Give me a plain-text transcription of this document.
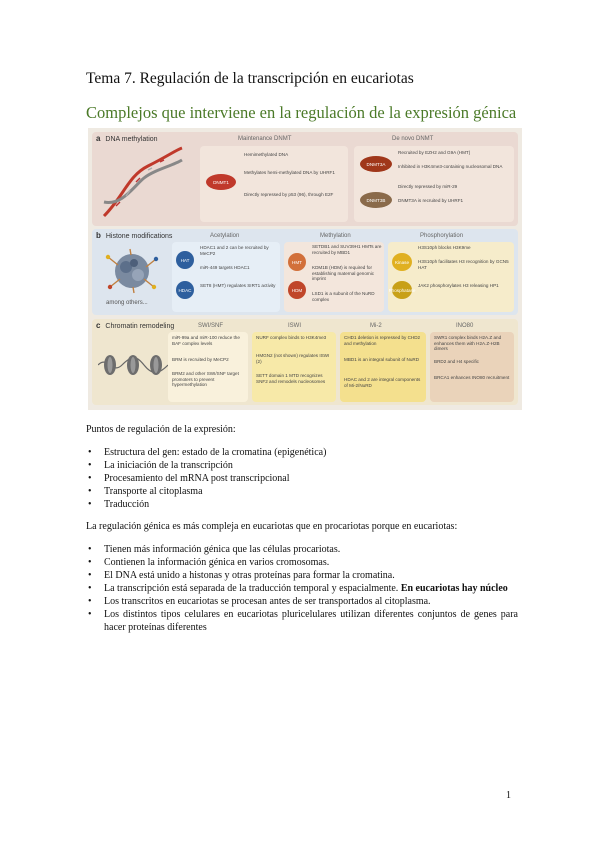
Tema 7. Regulación de la transcripción en eucariotas
Complejos que interviene en la regulación de la expresión génica
a DNA methylation	Maintenance DNMT	De novo DNMT
DNMT1
Hemimethylated DNA
Methylates hemi-methylated DNA by UHRF1
Directly repressed by p53 (96), through E2F
DNMT3A
DNMT3B
Recruited by EZH2 and G9A (HMT)
Inhibited in H3K4me3-containing nucleosomal DNA
Directly repressed by miR-29
DNMT3A is recruited by UHRF1
b Histone modifications
among others...
Acetylation	Methylation	Phosphorylation
HAT
HDAC
HDAC1 and 2 can be recruited by MeCP2
miR-449 targets HDAC1
SET8 (HMT) regulates SIRT1 activity
HMT
HDM
SETDB1 and SUV39H1 HMTs are recruited by MBD1
KDM1B (HDM) is required for establishing maternal genomic imprint
LSD1 is a subunit of the NuRD complex
Kinase
Phosphatase
H3S10ph blocks H3K9me
H3S10ph facilitates H3 recognition by GCN5 HAT
JAK2 phosphorylates H3 releasing HP1
c Chromatin remodeling	SWI/SNF	ISWI	Mi-2	INO80
miR-99a and miR-100 reduce the BAF complex levels
BRM is recruited by MeCP2
BRM2 and other SWI/SNF target promoters to prevent hypermethylation
NURF complex binds to H3K4me3
HMGN2 (not shown) regulates ISWI (2)
SETT domain 1 MTD recognizes SNF2 and remodels nucleosomes
CHD1 deletion is repressed by CHD2 and methylation
MBD1 is an integral subunit of NuRD
HDAC and 2 are integral components of Mi-2/NuRD
SWR1 complex binds H2A.Z and enhances them with H2A.Z-H2B dimers
BRD2 and H4 specific
BRCA1 enhances INO80 recruitment
Puntos de regulación de la expresión:
• Estructura del gen: estado de la cromatina (epigenética)
• La iniciación de la transcripción
• Procesamiento del mRNA post transcripcional
• Transporte al citoplasma
• Traducción
La regulación génica es más compleja en eucariotas que en procariotas porque en eucariotas:
• Tienen más información génica que las células procariotas.
• Contienen la información génica en varios cromosomas.
• El DNA está unido a histonas y otras proteínas para formar la cromatina.
• La transcripción está separada de la traducción temporal y espacialmente. En eucariotas hay núcleo
• Los transcritos en eucariotas se procesan antes de ser transportados al citoplasma.
• Los distintos tipos celulares en eucariotas pluricelulares utilizan diferentes conjuntos de genes para hacer proteínas diferentes
1
